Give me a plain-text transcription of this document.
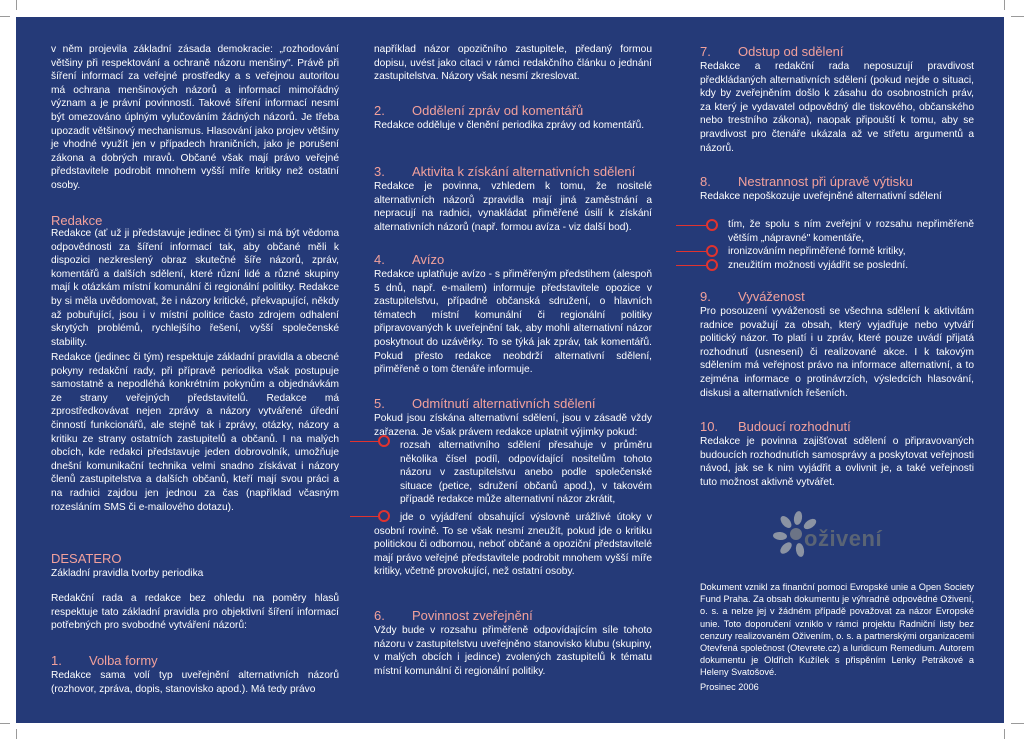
v něm projevila základní zásada demokracie: „rozhodování většiny při respektování a ochraně názoru menšiny". Právě při šíření informací za veřejné prostředky a s veřejnou autoritou má ochrana menšinových názorů a informací mimořádný význam a je právní povinností. Takové šíření informací nesmí být omezováno úplným vylučováním žádných názorů. Je třeba upozadit většinový mechanismus. Hlasování jako projev většiny je vhodné využít jen v případech hraničních, jako je porušení zákona a dobrých mravů. Občané však mají právo veřejné představitele podrobit mnohem vyšší míře kritiky než ostatní osoby.

Redakce

Redakce (ať už ji představuje jedinec či tým) si má být vědoma odpovědnosti za šíření informací tak, aby občané měli k dispozici nezkreslený obraz skutečné šíře názorů, zpráv, komentářů a dalších sdělení, které různí lidé a různé skupiny mají k otázkám místní komunální či regionální politiky. Redakce by si měla uvědomovat, že i názory kritické, překvapující, někdy až pobuřující, jsou i v místní politice často zdrojem odhalení skrytých problémů, rychlejšího řešení, vyšší společenské stability.

Redakce (jedinec či tým) respektuje základní pravidla a obecné pokyny redakční rady, při přípravě periodika však postupuje samostatně a nepodléhá konkrétním pokynům a objednávkám ze strany veřejných představitelů. Redakce má zprostředkovávat nejen zprávy a názory vytvářené úřední činností funkcionářů, ale stejně tak i zprávy, otázky, názory a kritiku ze strany ostatních zastupitelů a občanů. I na malých obcích, kde redakci představuje jeden dobrovolník, umožňuje dnešní komunikační technika velmi snadno získávat i názory členů zastupitelstva a dalších občanů, kteří mají svou práci a na radnici zajdou jen jednou za čas (například včasným rozesláním SMS či e-mailového dotazu).

DESATERO
Základní pravidla tvorby periodika

Redakční rada a redakce bez ohledu na poměry hlasů respektuje tato základní pravidla pro objektivní šíření informací potřebných pro svobodné vytváření názorů:

1. Volba formy

Redakce sama volí typ uveřejnění alternativních názorů (rozhovor, zpráva, dopis, stanovisko apod.). Má tedy právo

například názor opozičního zastupitele, předaný formou dopisu, uvést jako citaci v rámci redakčního článku o jednání zastupitelstva. Názory však nesmí zkreslovat.

2. Oddělení zpráv od komentářů

Redakce odděluje v členění periodika zprávy od komentářů.

3. Aktivita k získání alternativních sdělení

Redakce je povinna, vzhledem k tomu, že nositelé alternativních názorů zpravidla mají jiná zaměstnání a nepracují na radnici, vynakládat přiměřené úsilí k získání alternativních názorů (např. formou avíza - viz další bod).

4. Avízo

Redakce uplatňuje avízo - s přiměřeným předstihem (alespoň 5 dnů, např. e-mailem) informuje představitele opozice v zastupitelstvu, případně občanská sdružení, o hlavních tématech místní komunální či regionální politiky připravovaných k uveřejnění tak, aby mohli alternativní názor poskytnout do uzávěrky. To se týká jak zpráv, tak komentářů. Pokud přesto redakce neobdrží alternativní sdělení, přiměřeně o tom čtenáře informuje.

5. Odmítnutí alternativních sdělení

Pokud jsou získána alternativní sdělení, jsou v zásadě vždy zařazena. Je však právem redakce uplatnit výjimky pokud:

rozsah alternativního sdělení přesahuje v průměru několika čísel podíl, odpovídající nositelům tohoto názoru v zastupitelstvu anebo podle společenské situace (petice, sdružení občanů apod.), v takovém případě redakce může alternativní názor zkrátit,

jde o vyjádření obsahující výslovně urážlivé útoky v osobní rovině. To se však nesmí zneužít, pokud jde o kritiku politickou či odbornou, neboť občané a opoziční představitelé mají právo veřejné představitele podrobit mnohem vyšší míře kritiky, včetně provokující, než ostatní osoby.

6. Povinnost zveřejnění

Vždy bude v rozsahu přiměřeně odpovídajícím síle tohoto názoru v zastupitelstvu uveřejněno stanovisko klubu (skupiny, v malých obcích i jedince) zvolených zastupitelů k tématu místní komunální či regionální politiky.

7. Odstup od sdělení

Redakce a redakční rada neposuzují pravdivost předkládaných alternativních sdělení (pokud nejde o situaci, kdy by zveřejněním došlo k zásahu do osobnostních práv, za který je vydavatel odpovědný dle tiskového, občanského nebo trestního zákona), naopak připouští k tomu, aby se pravdivost pro čtenáře ukázala až ve střetu argumentů a názorů.

8. Nestrannost při úpravě výtisku

Redakce nepoškozuje uveřejněné alternativní sdělení

tím, že spolu s ním zveřejní v rozsahu nepřiměřeně větším „nápravné" komentáře,

ironizováním nepřiměřené formě kritiky,
zneužitím možnosti vyjádřit se poslední.
9. Vyváženost

Pro posouzení vyváženosti se všechna sdělení k aktivitám radnice považují za obsah, který vyjadřuje nebo vytváří politický názor. To platí i u zpráv, které pouze uvádí přijatá rozhodnutí (usnesení) či realizované akce. I k takovým sdělením má veřejnost právo na informace alternativní, a to zejména informace o protinávrzích, výsledcích hlasování, diskusi a alternativních řešeních.

10. Budoucí rozhodnutí

Redakce je povinna zajišťovat sdělení o připravovaných budoucích rozhodnutích samosprávy a poskytovat veřejnosti návod, jak se k nim vyjádřit a ovlivnit je, a také veřejnosti tuto možnost aktivně vytvářet.

oživení

Dokument vznikl za finanční pomoci Evropské unie a Open Society Fund Praha. Za obsah dokumentu je výhradně odpovědné Oživení, o. s. a nelze jej v žádném případě považovat za názor Evropské unie. Toto doporučení vzniklo v rámci projektu Radniční listy bez cenzury realizovaném Oživením, o. s. a partnerskými organizacemi Otevřená společnost (Otevrete.cz) a luridicum Remedium. Autorem dokumentu je Oldřich Kužílek s přispěním Lenky Petrákové a Heleny Svatošové.

Prosinec 2006
